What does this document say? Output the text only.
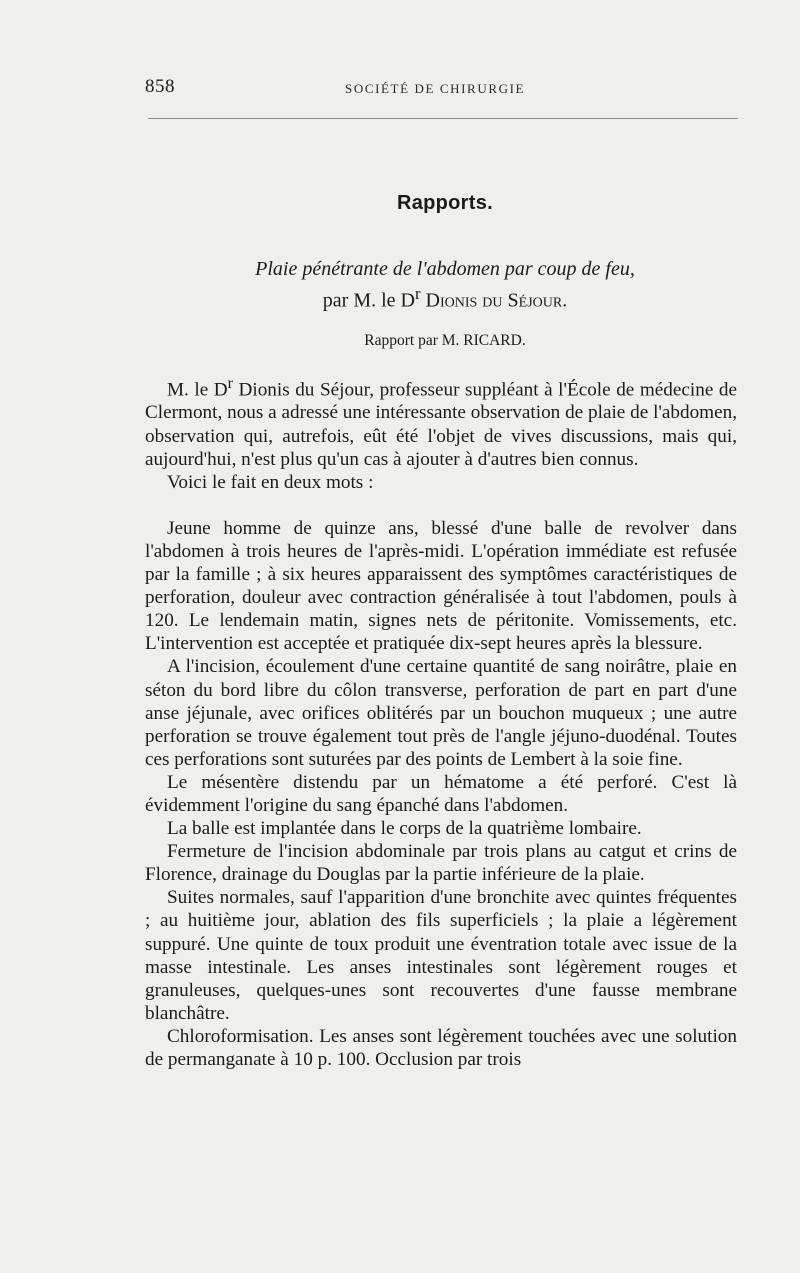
858	SOCIÉTÉ DE CHIRURGIE
Rapports.
Plaie pénétrante de l'abdomen par coup de feu,
par M. le $D^r$ Dionis du Séjour.
Rapport par M. RICARD.

M. le $D^r$ Dionis du Séjour, professeur suppléant à l'École de médecine de Clermont, nous a adressé une intéressante observation de plaie de l'abdomen, observation qui, autrefois, eût été l'objet de vives discussions, mais qui, aujourd'hui, n'est plus qu'un cas à ajouter à d'autres bien connus.

Voici le fait en deux mots :

Jeune homme de quinze ans, blessé d'une balle de revolver dans l'abdomen à trois heures de l'après-midi. L'opération immédiate est refusée par la famille ; à six heures apparaissent des symptômes caractéristiques de perforation, douleur avec contraction généralisée à tout l'abdomen, pouls à 120. Le lendemain matin, signes nets de péritonite. Vomissements, etc. L'intervention est acceptée et pratiquée dix-sept heures après la blessure.

A l'incision, écoulement d'une certaine quantité de sang noirâtre, plaie en séton du bord libre du côlon transverse, perforation de part en part d'une anse jéjunale, avec orifices oblitérés par un bouchon muqueux ; une autre perforation se trouve également tout près de l'angle jéjuno-duodénal. Toutes ces perforations sont suturées par des points de Lembert à la soie fine.

Le mésentère distendu par un hématome a été perforé. C'est là évidemment l'origine du sang épanché dans l'abdomen.

La balle est implantée dans le corps de la quatrième lombaire.

Fermeture de l'incision abdominale par trois plans au catgut et crins de Florence, drainage du Douglas par la partie inférieure de la plaie.

Suites normales, sauf l'apparition d'une bronchite avec quintes fréquentes ; au huitième jour, ablation des fils superficiels ; la plaie a légèrement suppuré. Une quinte de toux produit une éventration totale avec issue de la masse intestinale. Les anses intestinales sont légèrement rouges et granuleuses, quelques-unes sont recouvertes d'une fausse membrane blanchâtre.

Chloroformisation. Les anses sont légèrement touchées avec une solution de permanganate à 10 p. 100. Occlusion par trois
